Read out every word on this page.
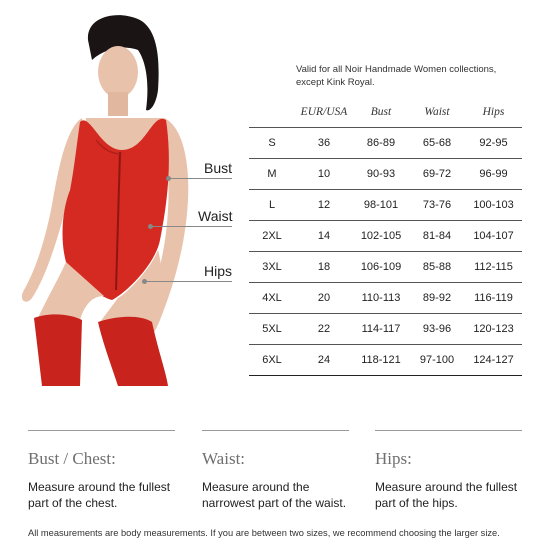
Bust
Waist
Hips
Valid for all Noir Handmade Women collections, except Kink Royal.
	EUR/USA	Bust	Waist	Hips
S	36	86-89	65-68	92-95
M	10	90-93	69-72	96-99
L	12	98-101	73-76	100-103
2XL	14	102-105	81-84	104-107
3XL	18	106-109	85-88	112-115
4XL	20	110-113	89-92	116-119
5XL	22	114-117	93-96	120-123
6XL	24	118-121	97-100	124-127
Bust / Chest:
Measure around the fullest part of the chest.
Waist:
Measure around the narrowest part of the waist.
Hips:
Measure around the fullest part of the hips.
All measurements are body measurements. If you are between two sizes, we recommend choosing the larger size.
